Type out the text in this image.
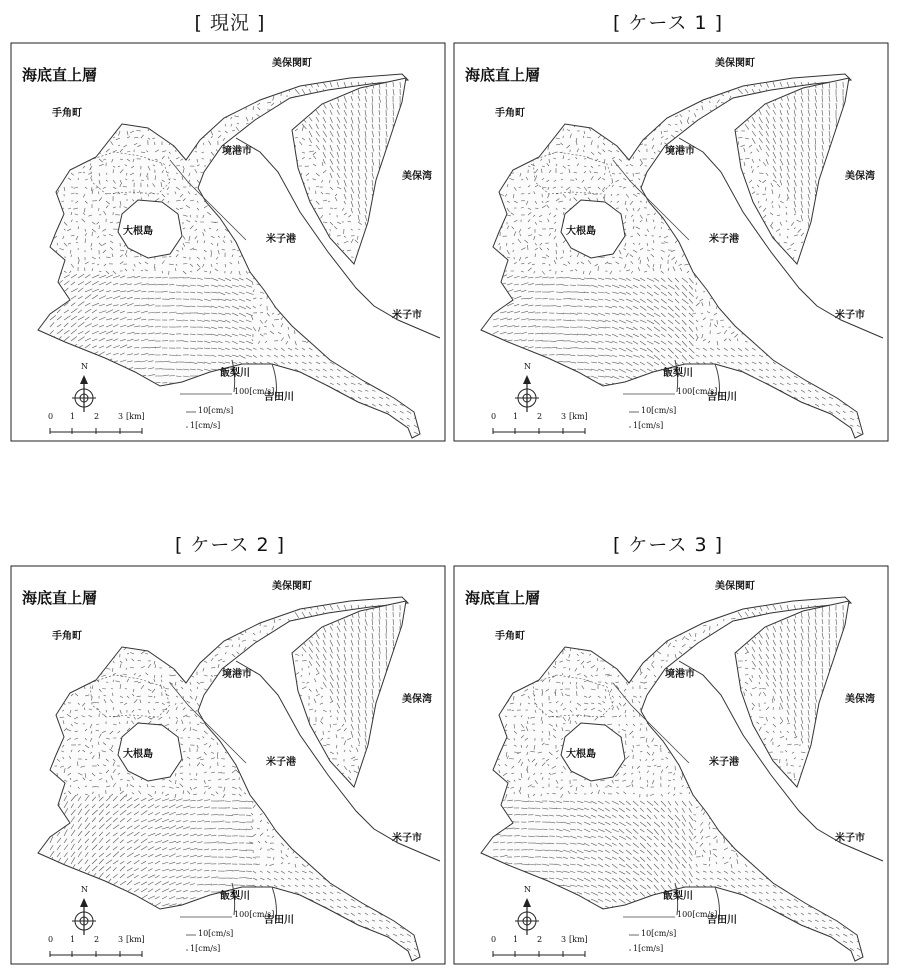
[ 現況 ]	[ ケース 1 ]
[ ケース 2 ]	[ ケース 3 ]
海底直上層
美保関町
手角町
境港市
美保湾
大根島
米子港
米子市
飯梨川
吉田川
N
100[cm/s]
10[cm/s]
1[cm/s]
0 1 2 3 [km]
海底直上層
美保関町
手角町
境港市
美保湾
大根島
米子港
米子市
飯梨川
吉田川
N
100[cm/s]
10[cm/s]
1[cm/s]
0 1 2 3 [km]
海底直上層
美保関町
手角町
境港市
美保湾
大根島
米子港
米子市
飯梨川
吉田川
N
100[cm/s]
10[cm/s]
1[cm/s]
0 1 2 3 [km]
海底直上層
美保関町
手角町
境港市
美保湾
大根島
米子港
米子市
飯梨川
吉田川
N
100[cm/s]
10[cm/s]
1[cm/s]
0 1 2 3 [km]
